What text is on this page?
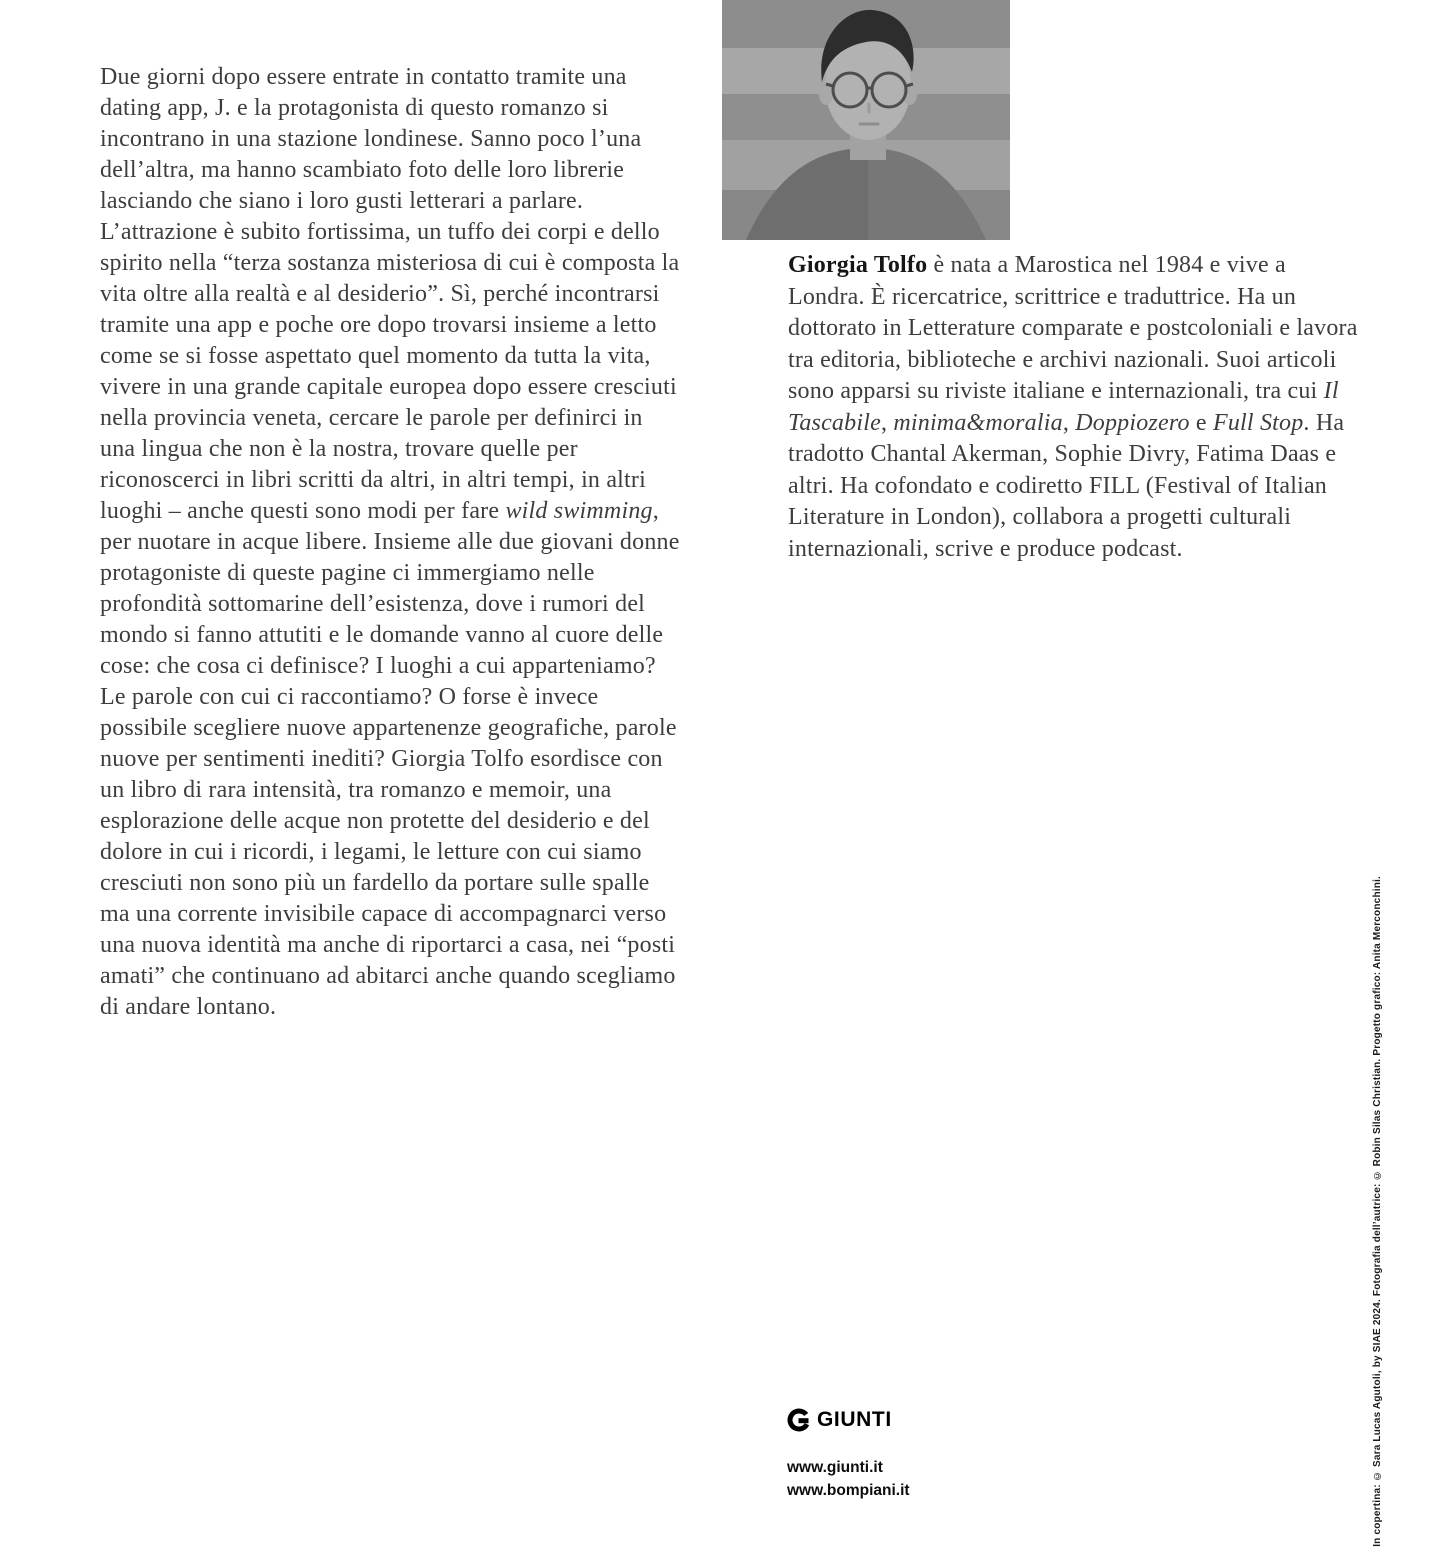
Due giorni dopo essere entrate in contatto tramite una dating app, J. e la protagonista di questo romanzo si incontrano in una stazione londinese. Sanno poco l’una dell’altra, ma hanno scambiato foto delle loro librerie lasciando che siano i loro gusti letterari a parlare. L’attrazione è subito fortissima, un tuffo dei corpi e dello spirito nella “terza sostanza misteriosa di cui è composta la vita oltre alla realtà e al desiderio”. Sì, perché incontrarsi tramite una app e poche ore dopo trovarsi insieme a letto come se si fosse aspettato quel momento da tutta la vita, vivere in una grande capitale europea dopo essere cresciuti nella provincia veneta, cercare le parole per definirci in una lingua che non è la nostra, trovare quelle per riconoscerci in libri scritti da altri, in altri tempi, in altri luoghi – anche questi sono modi per fare wild swimming, per nuotare in acque libere. Insieme alle due giovani donne protagoniste di queste pagine ci immergiamo nelle profondità sottomarine dell’esistenza, dove i rumori del mondo si fanno attutiti e le domande vanno al cuore delle cose: che cosa ci definisce? I luoghi a cui apparteniamo? Le parole con cui ci raccontiamo? O forse è invece possibile scegliere nuove appartenenze geografiche, parole nuove per sentimenti inediti? Giorgia Tolfo esordisce con un libro di rara intensità, tra romanzo e memoir, una esplorazione delle acque non protette del desiderio e del dolore in cui i ricordi, i legami, le letture con cui siamo cresciuti non sono più un fardello da portare sulle spalle ma una corrente invisibile capace di accompagnarci verso una nuova identità ma anche di riportarci a casa, nei “posti amati” che continuano ad abitarci anche quando scegliamo di andare lontano.

Giorgia Tolfo è nata a Marostica nel 1984 e vive a Londra. È ricercatrice, scrittrice e traduttrice. Ha un dottorato in Letterature comparate e postcoloniali e lavora tra editoria, biblioteche e archivi nazionali. Suoi articoli sono apparsi su riviste italiane e internazionali, tra cui Il Tascabile, minima&moralia, Doppiozero e Full Stop. Ha tradotto Chantal Akerman, Sophie Divry, Fatima Daas e altri. Ha cofondato e codiretto FILL (Festival of Italian Literature in London), collabora a progetti culturali internazionali, scrive e produce podcast.

GIUNTI
www.giunti.it
www.bompiani.it	In copertina: © Sara Lucas Agutoli, by SIAE 2024. Fotografia dell’autrice: © Robin Silas Christian. Progetto grafico: Anita Merconchini.
